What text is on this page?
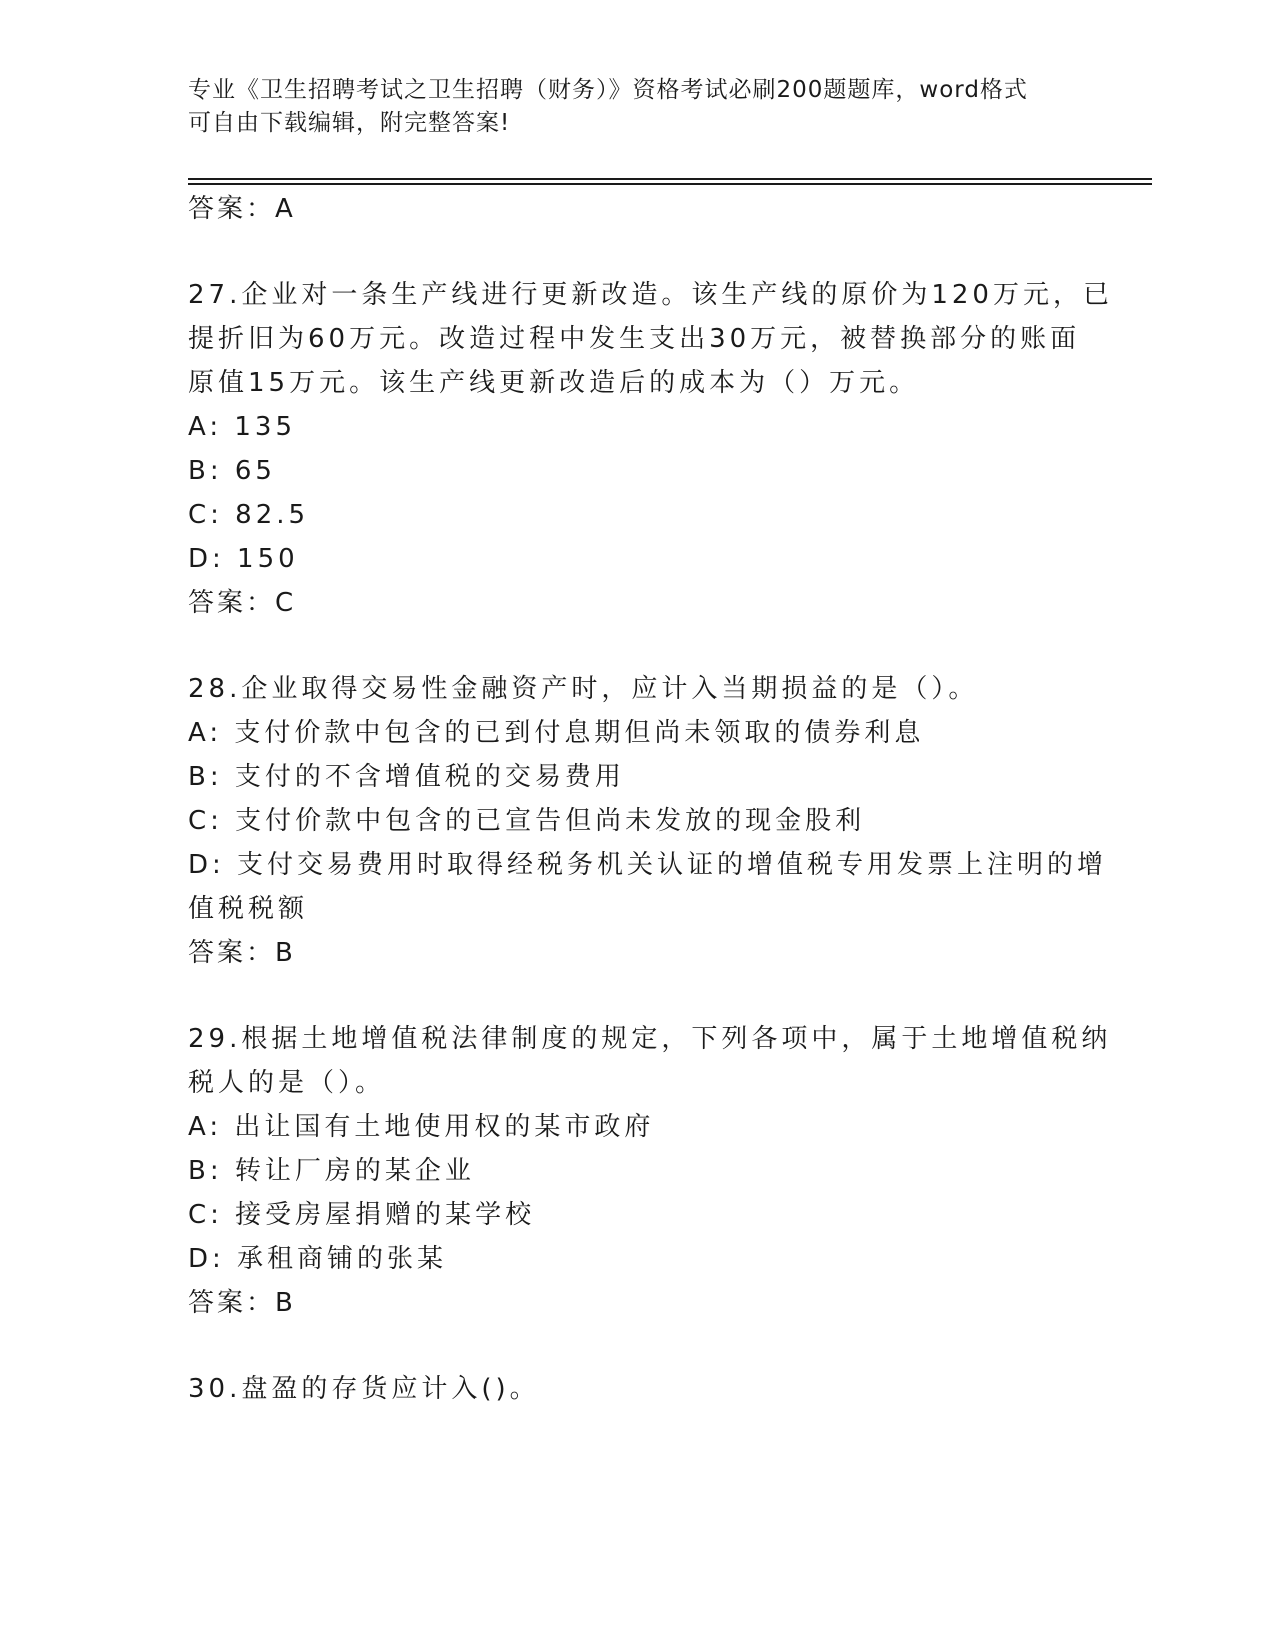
专业《卫生招聘考试之卫生招聘（财务）》资格考试必刷200题题库，word格式
可自由下载编辑，附完整答案!
答案：A
27.企业对一条生产线进行更新改造。该生产线的原价为120万元，已
提折旧为60万元。改造过程中发生支出30万元，被替换部分的账面
原值15万元。该生产线更新改造后的成本为（）万元。
A: 135
B: 65
C: 82.5
D: 150
答案：C
28.企业取得交易性金融资产时，应计入当期损益的是（）。
A: 支付价款中包含的已到付息期但尚未领取的债券利息
B: 支付的不含增值税的交易费用
C: 支付价款中包含的已宣告但尚未发放的现金股利
D: 支付交易费用时取得经税务机关认证的增值税专用发票上注明的增
值税税额
答案：B
29.根据土地增值税法律制度的规定，下列各项中，属于土地增值税纳
税人的是（）。
A: 出让国有土地使用权的某市政府
B: 转让厂房的某企业
C: 接受房屋捐赠的某学校
D: 承租商铺的张某
答案：B
30.盘盈的存货应计入()。
